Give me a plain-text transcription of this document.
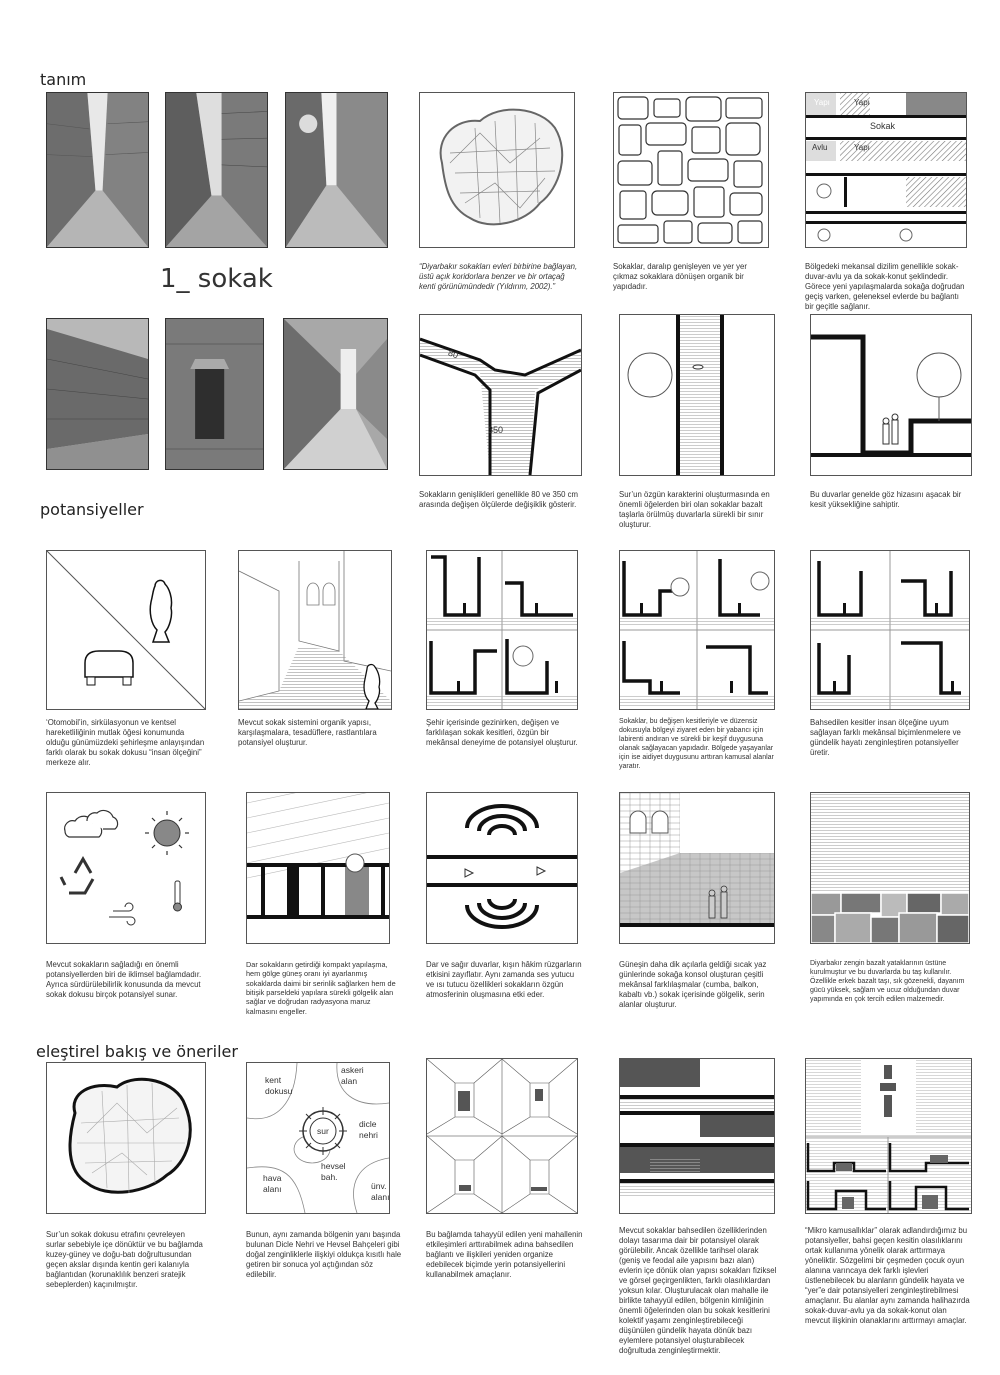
tanım
1_ sokak
potansiyeller
eleştirel bakış ve öneriler
Yapı	Yapı
Sokak
Avlu	Yapı
“Diyarbakır sokakları evleri birbirine bağlayan, üstü açık koridorlara benzer ve bir ortaçağ kenti görünümündedir (Yıldırım, 2002).”
Sokaklar, daralıp genişleyen ve yer yer çıkmaz sokaklara dönüşen organik bir yapıdadır.
Bölgedeki mekansal dizilim genellikle sokak-duvar-avlu ya da sokak-konut şeklindedir. Görece yeni yapılaşmalarda sokağa doğrudan geçiş varken, geleneksel evlerde bu bağlantı bir geçitle sağlanır.
80
350
Sokakların genişlikleri genellikle 80 ve 350 cm arasında değişen ölçülerde değişiklik gösterir.
Sur’un özgün karakterini oluşturmasında en önemli öğelerden biri olan sokaklar bazalt taşlarla örülmüş duvarlarla sürekli bir sınır oluşturur.
Bu duvarlar genelde göz hizasını aşacak bir kesit yüksekliğine sahiptir.
‘Otomobil’in, sirkülasyonun ve kentsel hareketliliğinin mutlak öğesi konumunda olduğu günümüzdeki şehirleşme anlayışından farklı olarak bu sokak dokusu “insan ölçeğini” merkeze alır.
Mevcut sokak sistemini organik yapısı, karşılaşmalara, tesadüflere, rastlantılara potansiyel oluşturur.
Şehir içerisinde gezinirken, değişen ve farklılaşan sokak kesitleri, özgün bir mekânsal deneyime de potansiyel oluşturur.
Sokaklar, bu değişen kesitleriyle ve düzensiz dokusuyla bölgeyi ziyaret eden bir yabancı için labirenti andıran ve sürekli bir keşif duygusuna olanak sağlayacan yapıdadır. Bölgede yaşayanlar için ise aidiyet duygusunu arttıran kamusal alanlar yaratır.
Bahsedilen kesitler insan ölçeğine uyum sağlayan farklı mekânsal biçimlenmelere ve gündelik hayatı zenginleştiren potansiyeller üretir.
Mevcut sokakların sağladığı en önemli potansiyellerden biri de iklimsel bağlamdadır. Ayrıca sürdürülebilirlik konusunda da mevcut sokak dokusu birçok potansiyel sunar.
Dar sokakların getirdiği kompakt yapılaşma, hem gölge güneş oranı iyi ayarlanmış sokaklarda daimi bir serinlik sağlarken hem de bitişik parseldeki yapılara sürekli gölgelik alan sağlar ve doğrudan radyasyona maruz kalmasını engeller.
Dar ve sağır duvarlar, kışın hâkim rüzgarların etkisini zayıflatır. Aynı zamanda ses yutucu ve ısı tutucu özellikleri sokakların özgün atmosferinin oluşmasına etki eder.
Güneşin daha dik açılarla geldiği sıcak yaz günlerinde sokağa konsol oluşturan çeşitli mekânsal farklılaşmalar (cumba, balkon, kabaltı vb.) sokak içerisinde gölgelik, serin alanlar oluşturur.
Diyarbakır zengin bazalt yataklarının üstüne kurulmuştur ve bu duvarlarda bu taş kullanılır. Özellikle erkek bazalt taşı, sık gözenekli, dayanım gücü yüksek, sağlam ve ucuz olduğundan duvar yapımında en çok tercih edilen malzemedir.
kent dokusu
askeri alan
sur
dicle nehri
hava alanı
hevsel bah.
ünv. alanı
Sur’un sokak dokusu etrafını çevreleyen surlar sebebiyle içe dönüktür ve bu bağlamda kuzey-güney ve doğu-batı doğrultusundan geçen akslar dışında kentin geri kalanıyla bağlantıdan (korunaklılık benzeri sratejik sebeplerden) kaçınılmıştır.
Bunun, aynı zamanda bölgenin yanı başında bulunan Dicle Nehri ve Hevsel Bahçeleri gibi doğal zenginliklerle ilişkiyi oldukça kısıtlı hale getiren bir sonuca yol açtığından söz edilebilir.
Bu bağlamda tahayyül edilen yeni mahallenin etkileşimleri arttırabilmek adına bahsedilen bağlantı ve ilişkileri yeniden organize edebilecek biçimde yerin potansiyellerini kullanabilmek amaçlanır.
Mevcut sokaklar bahsedilen özelliklerinden dolayı tasarıma dair bir potansiyel olarak görülebilir. Ancak özellikle tarihsel olarak (geniş ve feodal aile yapısını bazı alan) evlerin içe dönük olan yapısı sokakları fiziksel ve görsel geçirgenlikten, farklı olasılıklardan yoksun kılar. Oluşturulacak olan mahalle ile birlikte tahayyül edilen, bölgenin kimliğinin önemli öğelerinden olan bu sokak kesitlerini kolektif yaşamı zenginleştirebileceği düşünülen gündelik hayata dönük bazı eylemlere potansiyel oluşturabilecek doğrultuda zenginleştirmektir.
“Mikro kamusallıklar” olarak adlandırdığımız bu potansiyeller, bahsi geçen kesitin olasılıklarını ortak kullanıma yönelik olarak arttırmaya yöneliktir. Sözgelimi bir çeşmeden çocuk oyun alanına varıncaya dek farklı işlevleri üstlenebilecek bu alanların gündelik hayata ve “yer”e dair potansiyelleri zenginleştirebilmesi amaçlanır. Bu alanlar aynı zamanda halihazırda sokak-duvar-avlu ya da sokak-konut olan mevcut ilişkinin olanaklarını arttırmayı amaçlar.
